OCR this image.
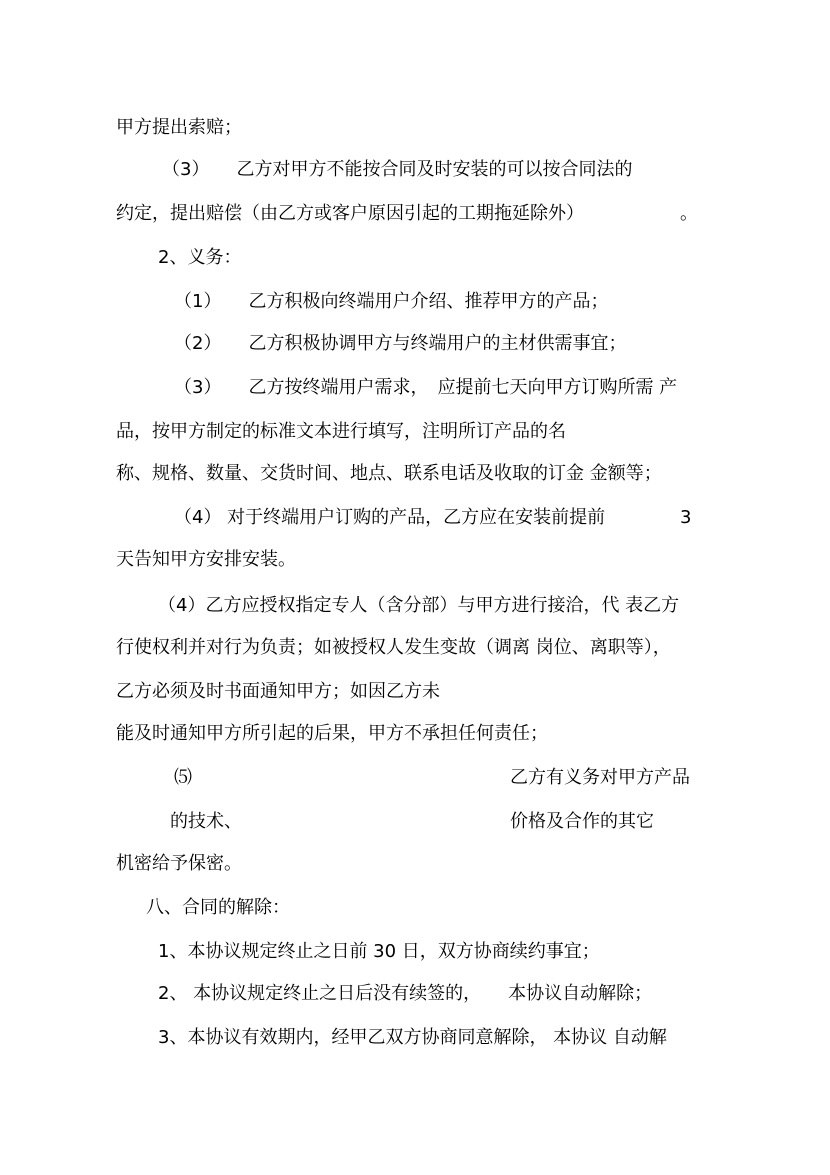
甲方提出索赔；
（3）　　乙方对甲方不能按合同及时安装的可以按合同法的
约定，提出赔偿（由乙方或客户原因引起的工期拖延除外）	。
2、义务：
（1）　　乙方积极向终端用户介绍、推荐甲方的产品；
（2）　　乙方积极协调甲方与终端用户的主材供需事宜；
（3）　　乙方按终端用户需求，　应提前七天向甲方订购所需 产
品，按甲方制定的标准文本进行填写，注明所订产品的名
称、规格、数量、交货时间、地点、联系电话及收取的订金 金额等；
（4） 对于终端用户订购的产品，乙方应在安装前提前	3
天告知甲方安排安装。
（4）乙方应授权指定专人（含分部）与甲方进行接洽，代 表乙方
行使权利并对行为负责；如被授权人发生变故（调离 岗位、离职等），
乙方必须及时书面通知甲方；如因乙方未
能及时通知甲方所引起的后果，甲方不承担任何责任；
⑸	乙方有义务对甲方产品
的技术、	价格及合作的其它
机密给予保密。
八、合同的解除：
1、本协议规定终止之日前 30 日，双方协商续约事宜；
2、 本协议规定终止之日后没有续签的，　　本协议自动解除；
3、本协议有效期内，经甲乙双方协商同意解除， 本协议 自动解
